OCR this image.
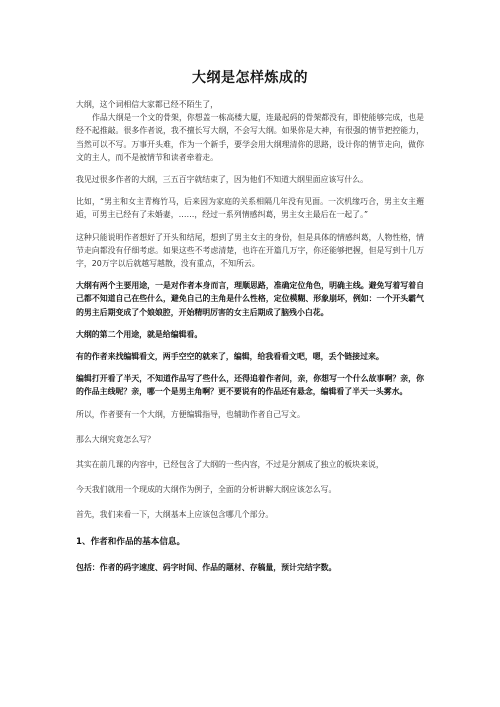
大纲是怎样炼成的

大纲，这个词相信大家都已经不陌生了，

作品大纲是一个文的骨架，你想盖一栋高楼大厦，连最起码的骨架都没有，即使能够完成，也是经不起推敲。很多作者说，我不擅长写大纲，不会写大纲。如果你是大神，有很强的情节把控能力，当然可以不写。万事开头难，作为一个新手，要学会用大纲理清你的思路，设计你的情节走向，做你文的主人，而不是被情节和读者牵着走。

我见过很多作者的大纲，三五百字就结束了，因为他们不知道大纲里面应该写什么。

比如，“男主和女主青梅竹马，后来因为家庭的关系相隔几年没有见面。一次机缘巧合，男主女主邂逅，可男主已经有了未婚妻，……，经过一系列情感纠葛，男主女主最后在一起了。”

这种只能说明作者想好了开头和结尾，想到了男主女主的身份，但是具体的情感纠葛，人物性格，情节走向都没有仔细考虑。如果这些不考虑清楚，也许在开篇几万字，你还能够把握，但是写到十几万字，20万字以后就越写越散，没有重点，不知所云。

大纲有两个主要用途，一是对作者本身而言，理顺思路，准确定位角色，明确主线。避免写着写着自己都不知道自己在些什么，避免自己的主角是什么性格，定位模糊、形象崩坏，例如：一个开头霸气的男主后期变成了个娘娘腔，开始精明厉害的女主后期成了脑残小白花。

大纲的第二个用途，就是给编辑看。

有的作者来找编辑看文，两手空空的就来了，编辑，给我看看文吧，嗯，丢个链接过来。

编辑打开看了半天，不知道作品写了些什么，还得追着作者问，亲，你想写一个什么故事啊？亲，你的作品主线呢？亲，哪一个是男主角啊？更不要说有的作品还有悬念，编辑看了半天一头雾水。

所以，作者要有一个大纲，方便编辑指导，也辅助作者自己写文。

那么大纲究竟怎么写？

其实在前几课的内容中，已经包含了大纲的一些内容，不过是分割成了独立的板块来说，

今天我们就用一个现成的大纲作为例子，全面的分析讲解大纲应该怎么写。

首先，我们来看一下，大纲基本上应该包含哪几个部分。

1、作者和作品的基本信息。

包括：作者的码字速度、码字时间、作品的题材、存稿量，预计完结字数。
